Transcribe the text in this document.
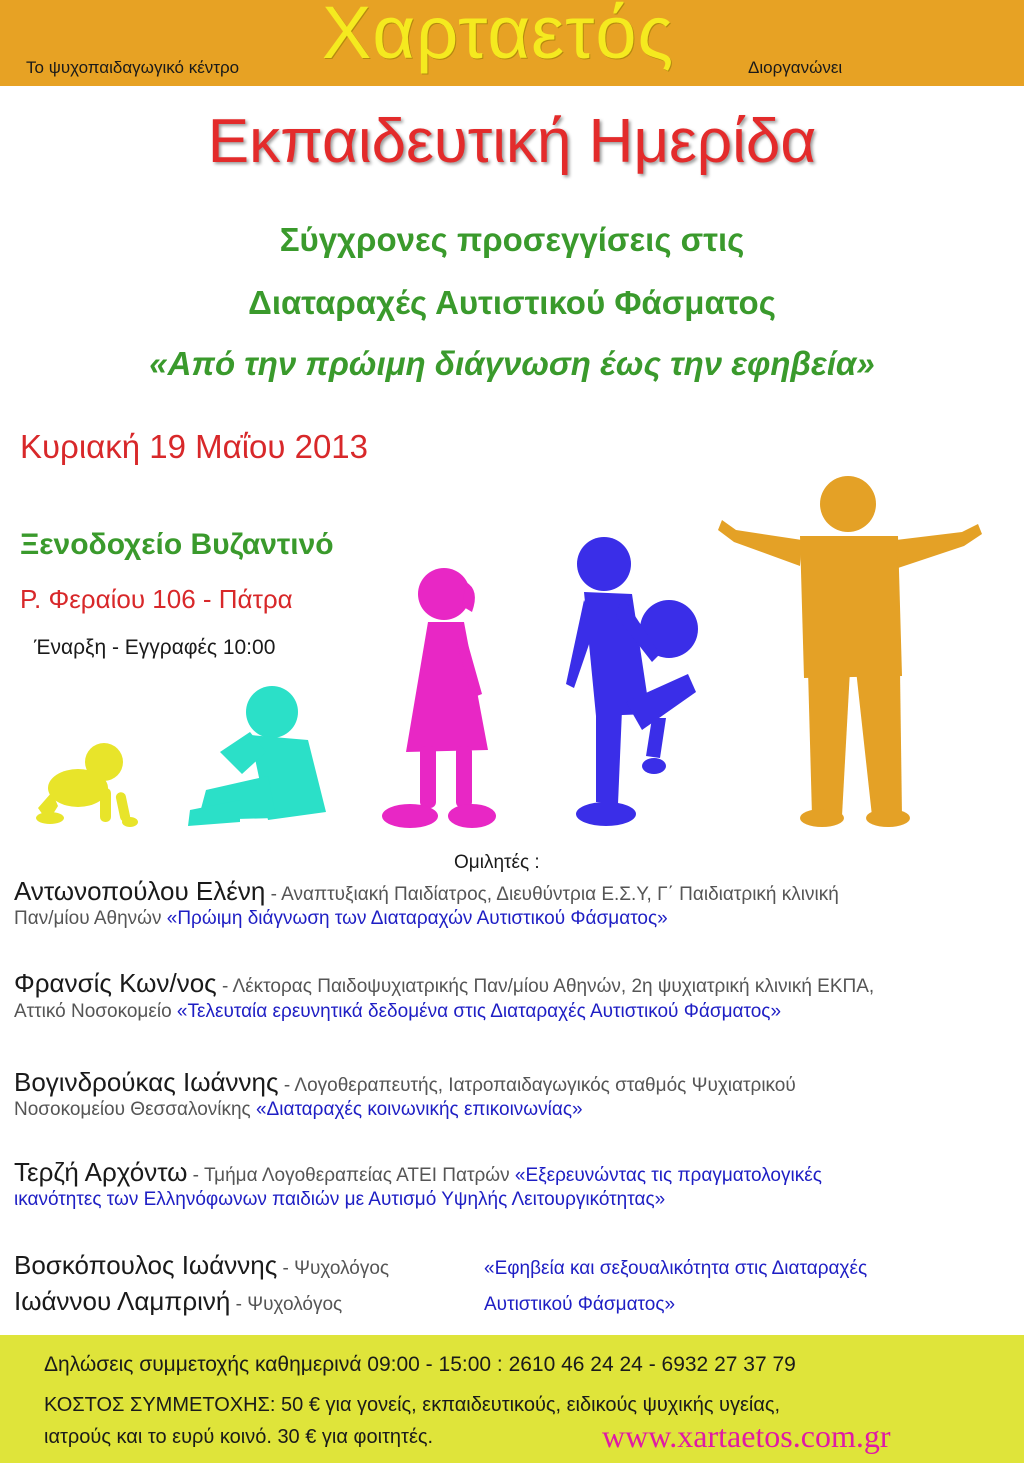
Το ψυχοπαιδαγωγικό κέντρο Χαρταετός	Διοργανώνει
Εκπαιδευτική Ημερίδα
Σύγχρονες προσεγγίσεις στις
Διαταραχές Αυτιστικού Φάσματος
«Από την πρώιμη διάγνωση έως την εφηβεία»
Κυριακή 19 Μαΐου 2013
Ξενοδοχείο Βυζαντινό
Ρ. Φεραίου 106 - Πάτρα
Έναρξη - Εγγραφές 10:00
Ομιλητές :
Αντωνοπούλου Ελένη - Αναπτυξιακή Παιδίατρος, Διευθύντρια Ε.Σ.Υ, Γ΄ Παιδιατρική κλινική
Παν/μίου Αθηνών «Πρώιμη διάγνωση των Διαταραχών Αυτιστικού Φάσματος»
Φρανσίς Κων/νος - Λέκτορας Παιδοψυχιατρικής Παν/μίου Αθηνών, 2η ψυχιατρική κλινική ΕΚΠΑ,
Αττικό Νοσοκομείο «Τελευταία ερευνητικά δεδομένα στις Διαταραχές Αυτιστικού Φάσματος»
Βογινδρούκας Ιωάννης - Λογοθεραπευτής, Ιατροπαιδαγωγικός σταθμός Ψυχιατρικού
Νοσοκομείου Θεσσαλονίκης «Διαταραχές κοινωνικής επικοινωνίας»
Τερζή Αρχόντω - Τμήμα Λογοθεραπείας ΑΤΕΙ Πατρών «Εξερευνώντας τις πραγματολογικές
ικανότητες των Ελληνόφωνων παιδιών με Αυτισμό Υψηλής Λειτουργικότητας»
Βοσκόπουλος Ιωάννης - Ψυχολόγος
Ιωάννου Λαμπρινή - Ψυχολόγος
«Εφηβεία και σεξουαλικότητα στις Διαταραχές
Αυτιστικού Φάσματος»
Δηλώσεις συμμετοχής καθημερινά 09:00 - 15:00 : 2610 46 24 24 - 6932 27 37 79
ΚΟΣΤΟΣ ΣΥΜΜΕΤΟΧΗΣ: 50 € για γονείς, εκπαιδευτικούς, ειδικούς ψυχικής υγείας,
ιατρούς και το ευρύ κοινό. 30 € για φοιτητές.	www.xartaetos.com.gr
